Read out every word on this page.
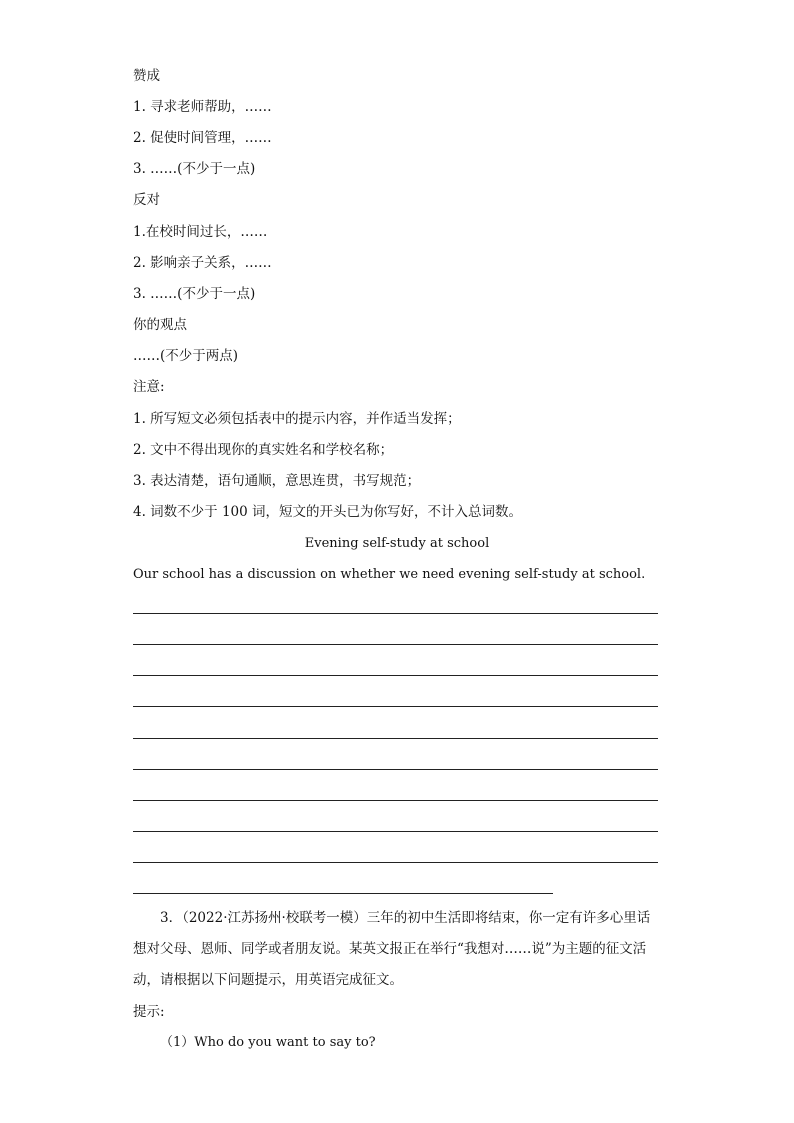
赞成
1. 寻求老师帮助，……
2. 促使时间管理，……
3. ……(不少于一点)
反对
1.在校时间过长，……
2. 影响亲子关系，……
3. ……(不少于一点)
你的观点
……(不少于两点)
注意:
1. 所写短文必须包括表中的提示内容，并作适当发挥；
2. 文中不得出现你的真实姓名和学校名称；
3. 表达清楚，语句通顺，意思连贯，书写规范；
4. 词数不少于 100 词，短文的开头已为你写好，不计入总词数。
Evening self-study at school
Our school has a discussion on whether we need evening self-study at school.
3．（2022·江苏扬州·校联考一模）三年的初中生活即将结束，你一定有许多心里话想对父母、恩师、同学或者朋友说。某英文报正在举行“我想对……说”为主题的征文活动，请根据以下问题提示，用英语完成征文。
提示:
（1）Who do you want to say to?
